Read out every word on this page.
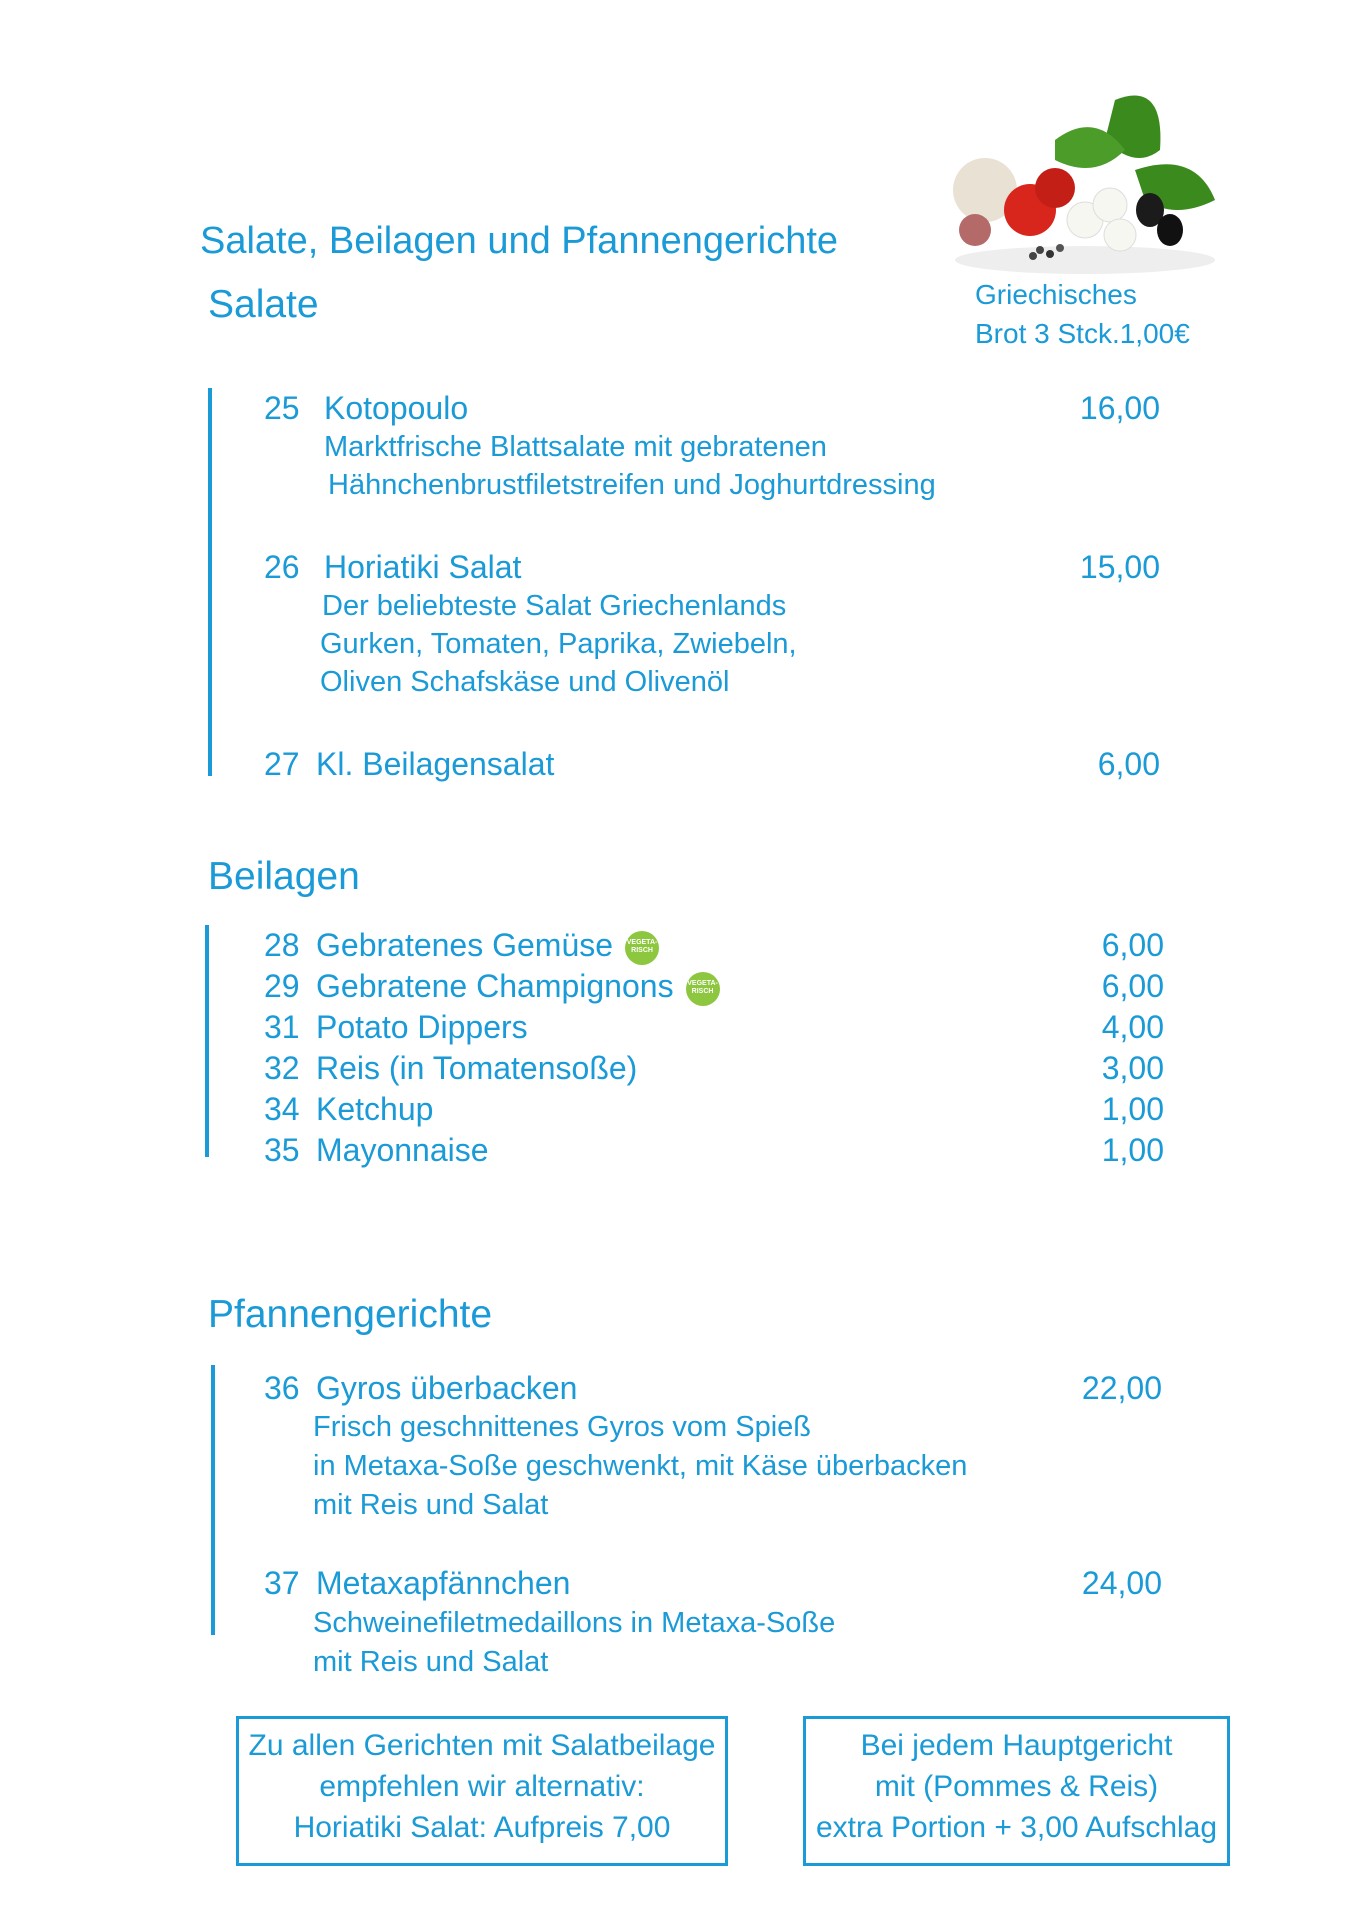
Salate, Beilagen und Pfannengerichte
Griechisches
Brot 3 Stck.1,00€
Salate
25 Kotopoulo	16,00
Marktfrische Blattsalate mit gebratenen
Hähnchenbrustfiletstreifen und Joghurtdressing
26 Horiatiki Salat	15,00
Der beliebteste Salat Griechenlands
Gurken, Tomaten, Paprika, Zwiebeln,
Oliven Schafskäse und Olivenöl
27 Kl. Beilagensalat	6,00
Beilagen
28 Gebratenes Gemüse VEGETA-RISCH	6,00
29 Gebratene Champignons VEGETA-RISCH	6,00
31 Potato Dippers	4,00
32 Reis (in Tomatensoße)	3,00
34 Ketchup	1,00
35 Mayonnaise	1,00
Pfannengerichte
36 Gyros überbacken	22,00
Frisch geschnittenes Gyros vom Spieß
in Metaxa-Soße geschwenkt, mit Käse überbacken
mit Reis und Salat
37 Metaxapfännchen	24,00
Schweinefiletmedaillons in Metaxa-Soße
mit Reis und Salat
Zu allen Gerichten mit Salatbeilage
empfehlen wir alternativ:
Horiatiki Salat: Aufpreis 7,00
Bei jedem Hauptgericht
mit (Pommes & Reis)
extra Portion + 3,00 Aufschlag
